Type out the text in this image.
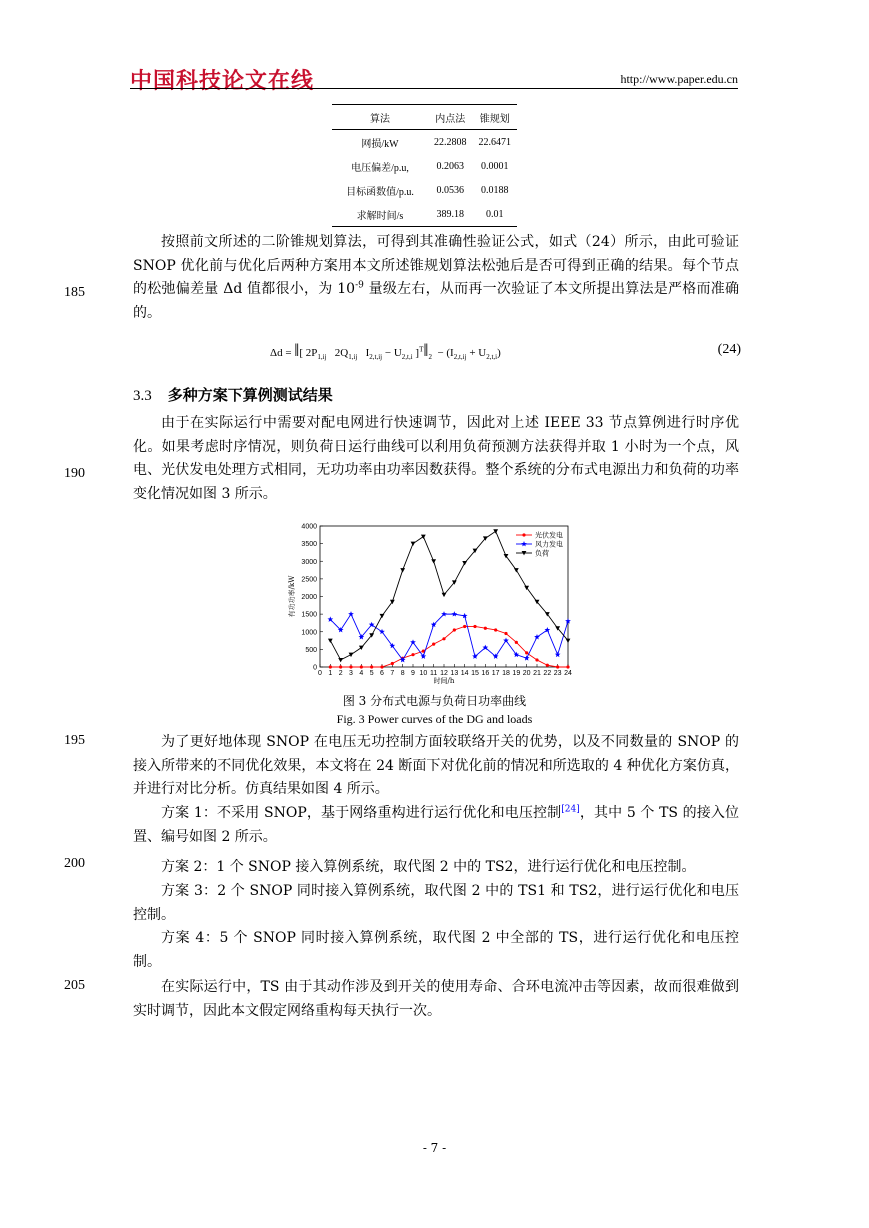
中国科技论文在线	http://www.paper.edu.cn
算法	内点法	锥规划
网损/kW	22.2808	22.6471
电压偏差/p.u,	0.2063	0.0001
目标函数值/p.u.	0.0536	0.0188
求解时间/s	389.18	0.01
按照前文所述的二阶锥规划算法，可得到其准确性验证公式，如式（24）所示，由此可验证 SNOP 优化前与优化后两种方案用本文所述锥规划算法松弛后是否可得到正确的结果。每个节点的松弛偏差量 Δd 值都很小，为 $10^{-9}$ 量级左右，从而再一次验证了本文所提出算法是严格而准确的。
185
Δd = ‖[ $2P_{1,ij}$   $2Q_{1,ij}$   $I_{2,t,ij} - U_{2,t,i}$ ]$^T‖_2 - (I_{2,t,ij} + U_{2,t,i})$	(24)
3.3 多种方案下算例测试结果
由于在实际运行中需要对配电网进行快速调节，因此对上述 IEEE 33 节点算例进行时序优化。如果考虑时序情况，则负荷日运行曲线可以利用负荷预测方法获得并取 1 小时为一个点，风电、光伏发电处理方式相同，无功功率由功率因数获得。整个系统的分布式电源出力和负荷的功率变化情况如图 3 所示。
190
0
500
1000
1500
2000
2500
3000
3500
4000
0 1 2 3 4 5 6 7 8 9 10 11 12 13 14 15 16 17 18 19 20 21 22 23 24
时间/h
有功功率/kW
光伏发电
风力发电
负荷
图 3 分布式电源与负荷日功率曲线
Fig. 3 Power curves of the DG and loads
为了更好地体现 SNOP 在电压无功控制方面较联络开关的优势，以及不同数量的 SNOP 的接入所带来的不同优化效果，本文将在 24 断面下对优化前的情况和所选取的 4 种优化方案仿真，并进行对比分析。仿真结果如图 4 所示。
195
方案 1：不采用 SNOP，基于网络重构进行运行优化和电压控制[24]，其中 5 个 TS 的接入位置、编号如图 2 所示。
方案 2：1 个 SNOP 接入算例系统，取代图 2 中的 TS2，进行运行优化和电压控制。
200
方案 3：2 个 SNOP 同时接入算例系统，取代图 2 中的 TS1 和 TS2，进行运行优化和电压控制。
方案 4：5 个 SNOP 同时接入算例系统，取代图 2 中全部的 TS，进行运行优化和电压控制。
在实际运行中，TS 由于其动作涉及到开关的使用寿命、合环电流冲击等因素，故而很难做到实时调节，因此本文假定网络重构每天执行一次。
205
- 7 -
